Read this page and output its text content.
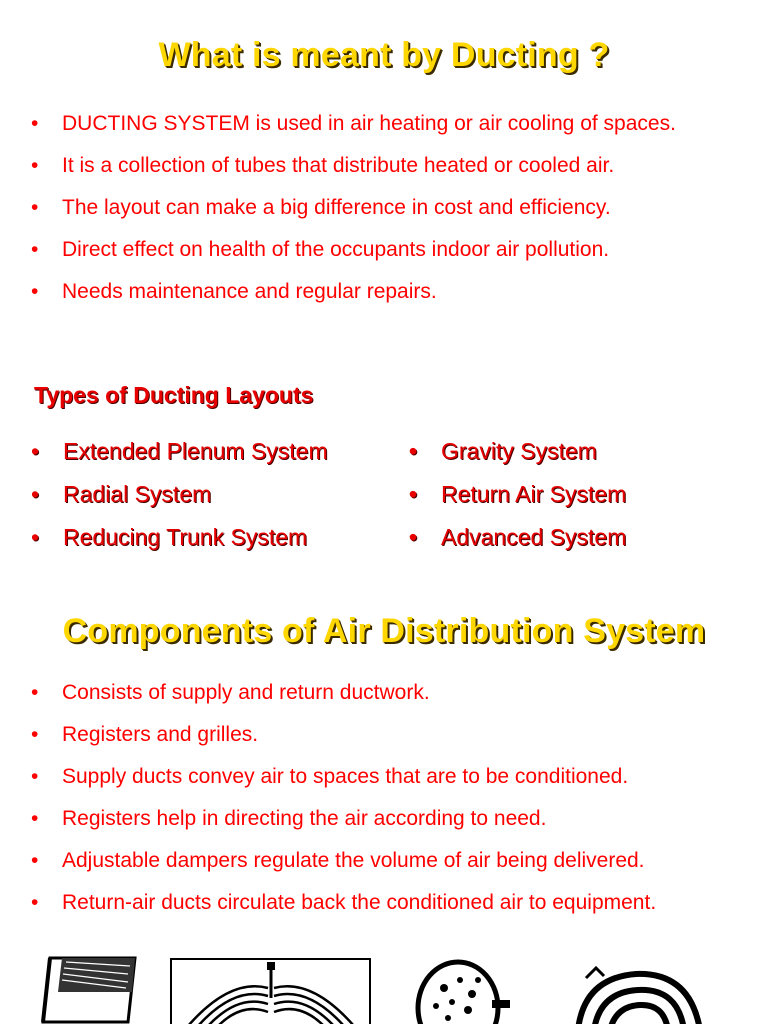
What is meant by Ducting ?
• DUCTING SYSTEM is used in air heating or air cooling of spaces.
• It is a collection of tubes that distribute heated or cooled air.
• The layout can make a big difference in cost and efficiency.
• Direct effect on health of the occupants indoor air pollution.
• Needs maintenance and regular repairs.
Types of Ducting Layouts
• Extended Plenum System
• Radial System
• Reducing Trunk System
• Gravity System
• Return Air System
• Advanced System
Components of Air Distribution System
• Consists of supply and return ductwork.
• Registers and grilles.
• Supply ducts convey air to spaces that are to be conditioned.
• Registers help in directing the air according to need.
• Adjustable dampers regulate the volume of air being delivered.
• Return-air ducts circulate back the conditioned air to equipment.
